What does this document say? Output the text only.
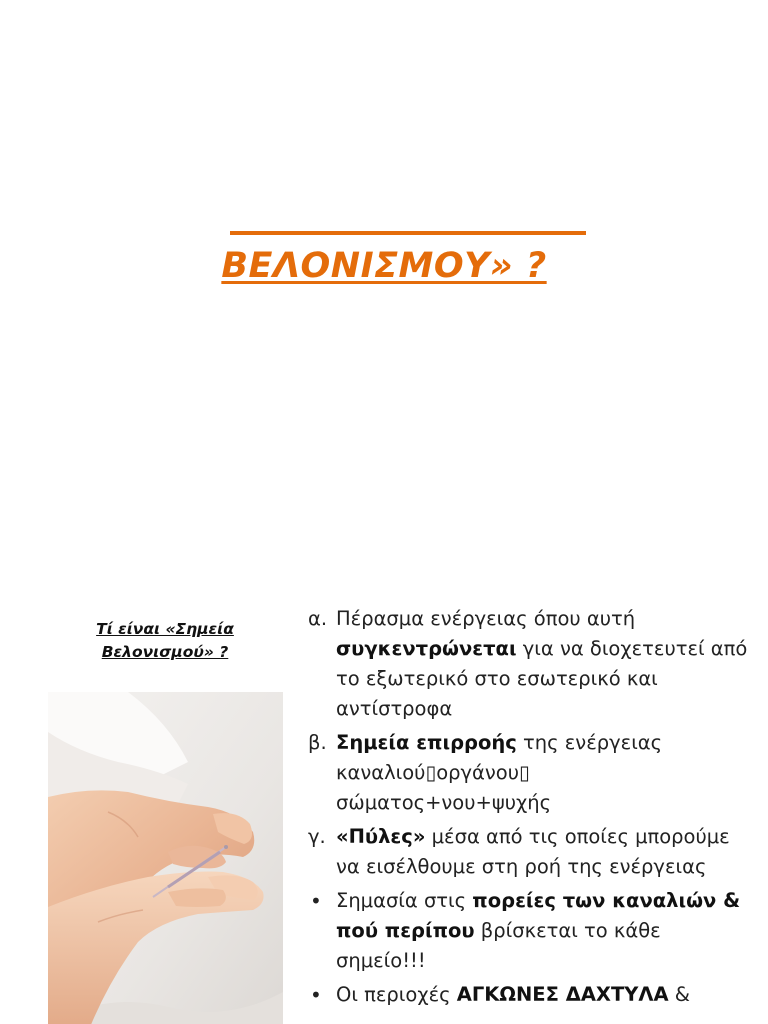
ΒΕΛΟΝΙΣΜΟΥ» ?
Τί είναι «Σημεία Βελονισμού» ?
α. Πέρασμα ενέργειας όπου αυτή συγκεντρώνεται για να διοχετευτεί από το εξωτερικό στο εσωτερικό και αντίστροφα
β. Σημεία επιρροής της ενέργειας καναλιού▯οργάνου▯ σώματος+νου+ψυχής
γ. «Πύλες» μέσα από τις οποίες μπορούμε να εισέλθουμε στη ροή της ενέργειας
• Σημασία στις πορείες των καναλιών & πού περίπου βρίσκεται το κάθε σημείο!!!
• Οι περιοχές ΑΓΚΩΝΕΣ ΔΑΧΤΥΛΑ &
